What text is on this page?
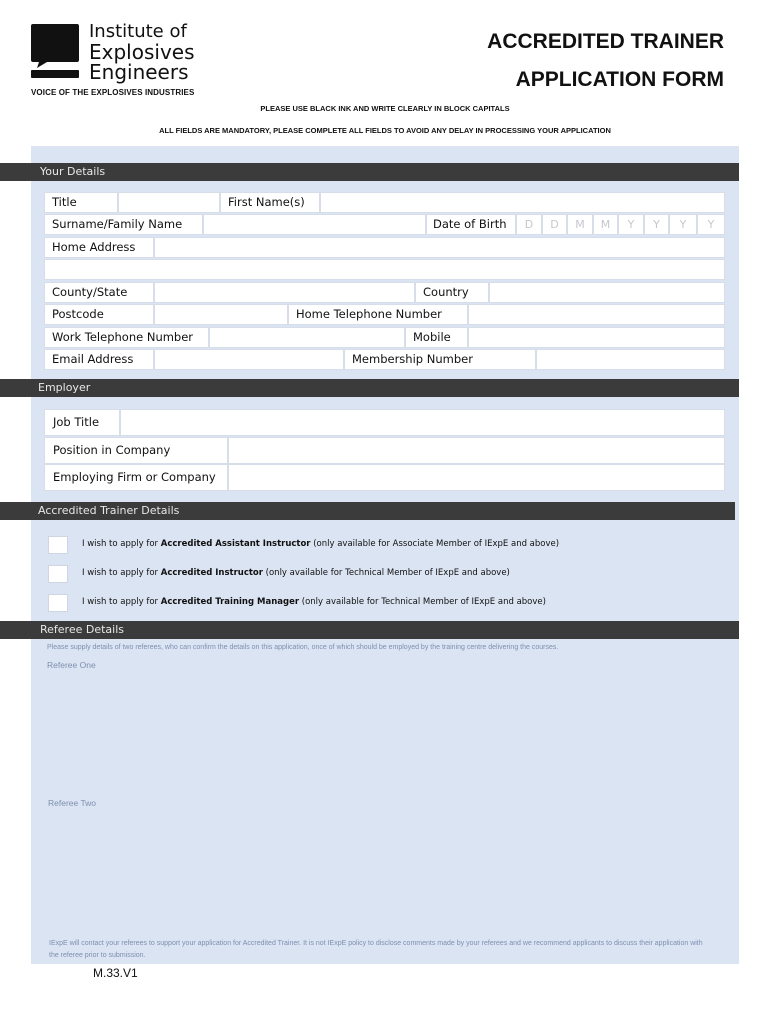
Institute of
Explosives
Engineers
VOICE OF THE EXPLOSIVES INDUSTRIES
ACCREDITED TRAINER
APPLICATION FORM
PLEASE USE BLACK INK AND WRITE CLEARLY IN BLOCK CAPITALS
ALL FIELDS ARE MANDATORY, PLEASE COMPLETE ALL FIELDS TO AVOID ANY DELAY IN PROCESSING YOUR APPLICATION
Your Details
Title	First Name(s)
Surname/Family Name	Date of Birth	D	D	M	M	Y	Y	Y	Y
Home Address
County/State	Country
Postcode	Home Telephone Number
Work Telephone Number	Mobile
Email Address	Membership Number
Employer
Job Title
Position in Company
Employing Firm or Company
Accredited Trainer Details
I wish to apply for Accredited Assistant Instructor (only available for Associate Member of IExpE and above)
I wish to apply for Accredited Instructor (only available for Technical Member of IExpE and above)
I wish to apply for Accredited Training Manager (only available for Technical Member of IExpE and above)
Referee Details
Please supply details of two referees, who can confirm the details on this application, once of which should be employed by the training centre delivering the courses.
Referee One
Referee Two
IExpE will contact your referees to support your application for Accredited Trainer. It is not IExpE policy to disclose comments made by your referees and we recommend applicants to discuss their application with the referee prior to submission.
M.33.V1
